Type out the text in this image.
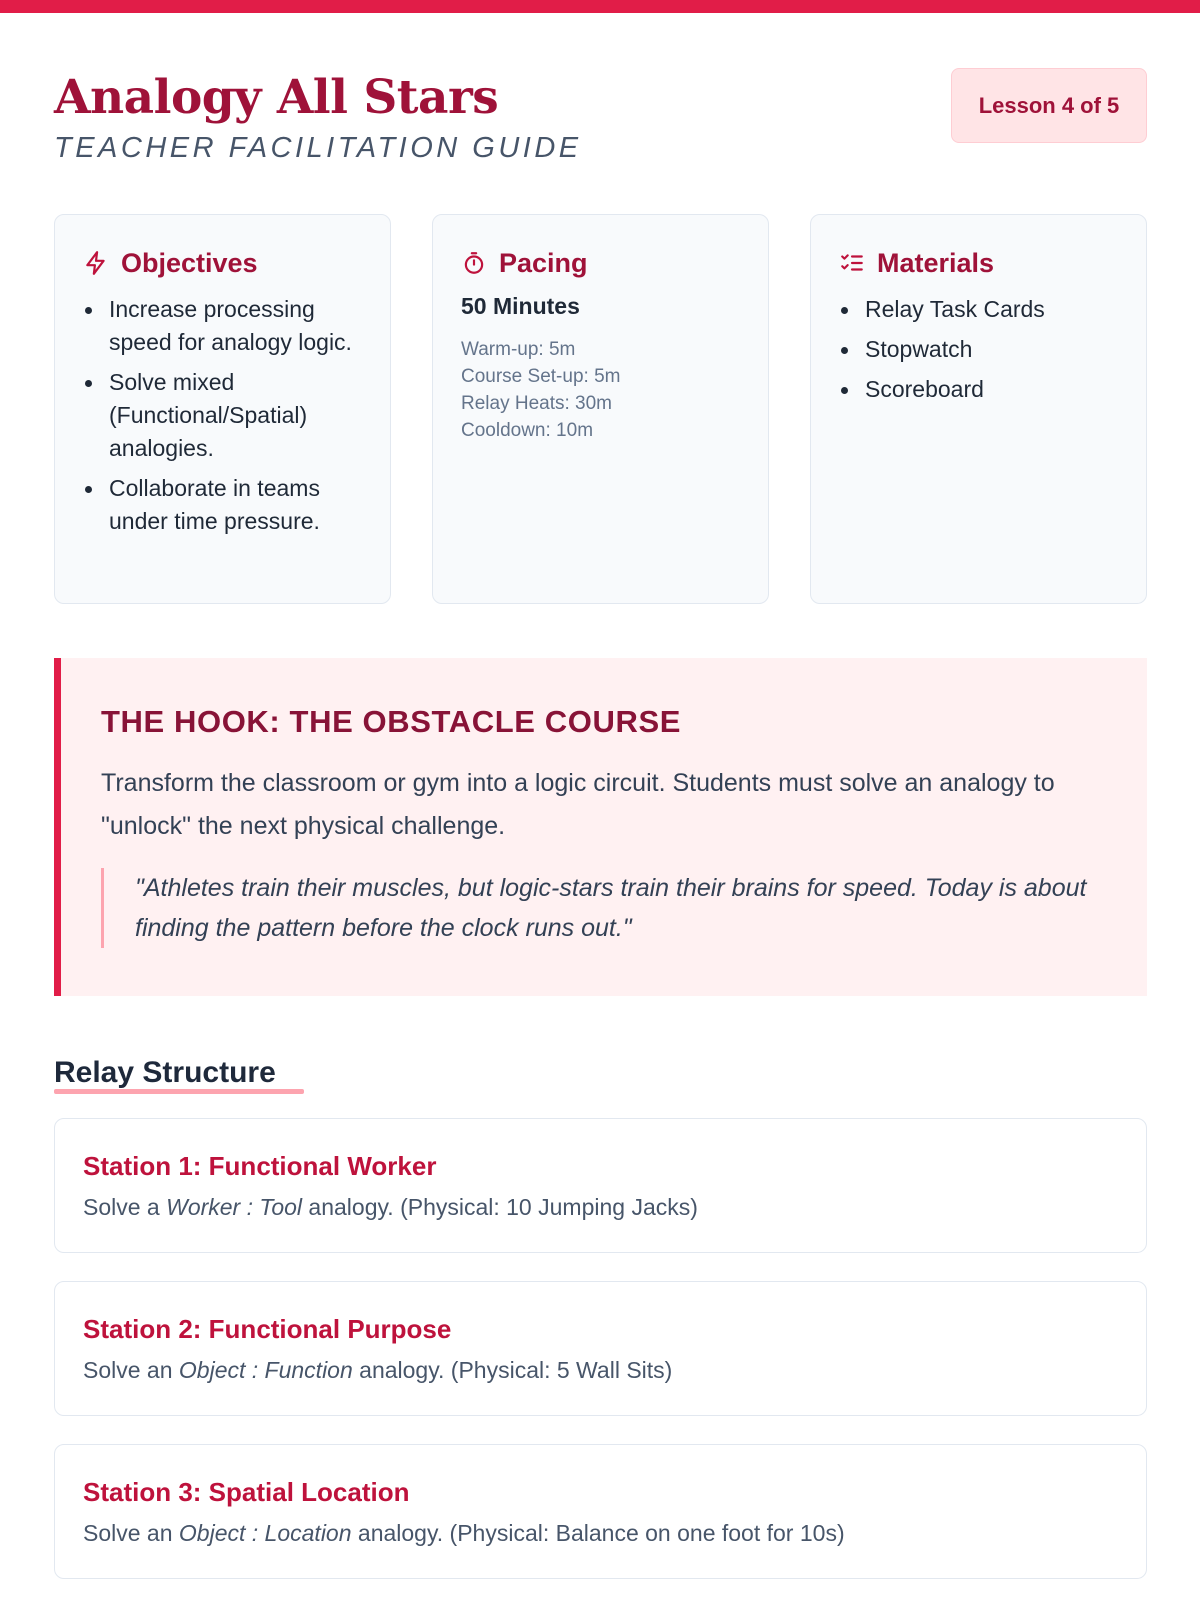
Analogy All Stars
TEACHER FACILITATION GUIDE
Lesson 4 of 5
Objectives
Increase processing speed for analogy logic.
Solve mixed (Functional/Spatial) analogies.
Collaborate in teams under time pressure.
Pacing
50 Minutes
Warm-up: 5m
Course Set-up: 5m
Relay Heats: 30m
Cooldown: 10m
Materials
Relay Task Cards
Stopwatch
Scoreboard
THE HOOK: THE OBSTACLE COURSE

Transform the classroom or gym into a logic circuit. Students must solve an analogy to "unlock" the next physical challenge.

"Athletes train their muscles, but logic-stars train their brains for speed. Today is about finding the pattern before the clock runs out."
Relay Structure
Station 1: Functional Worker
Solve a Worker : Tool analogy. (Physical: 10 Jumping Jacks)
Station 2: Functional Purpose
Solve an Object : Function analogy. (Physical: 5 Wall Sits)
Station 3: Spatial Location
Solve an Object : Location analogy. (Physical: Balance on one foot for 10s)
